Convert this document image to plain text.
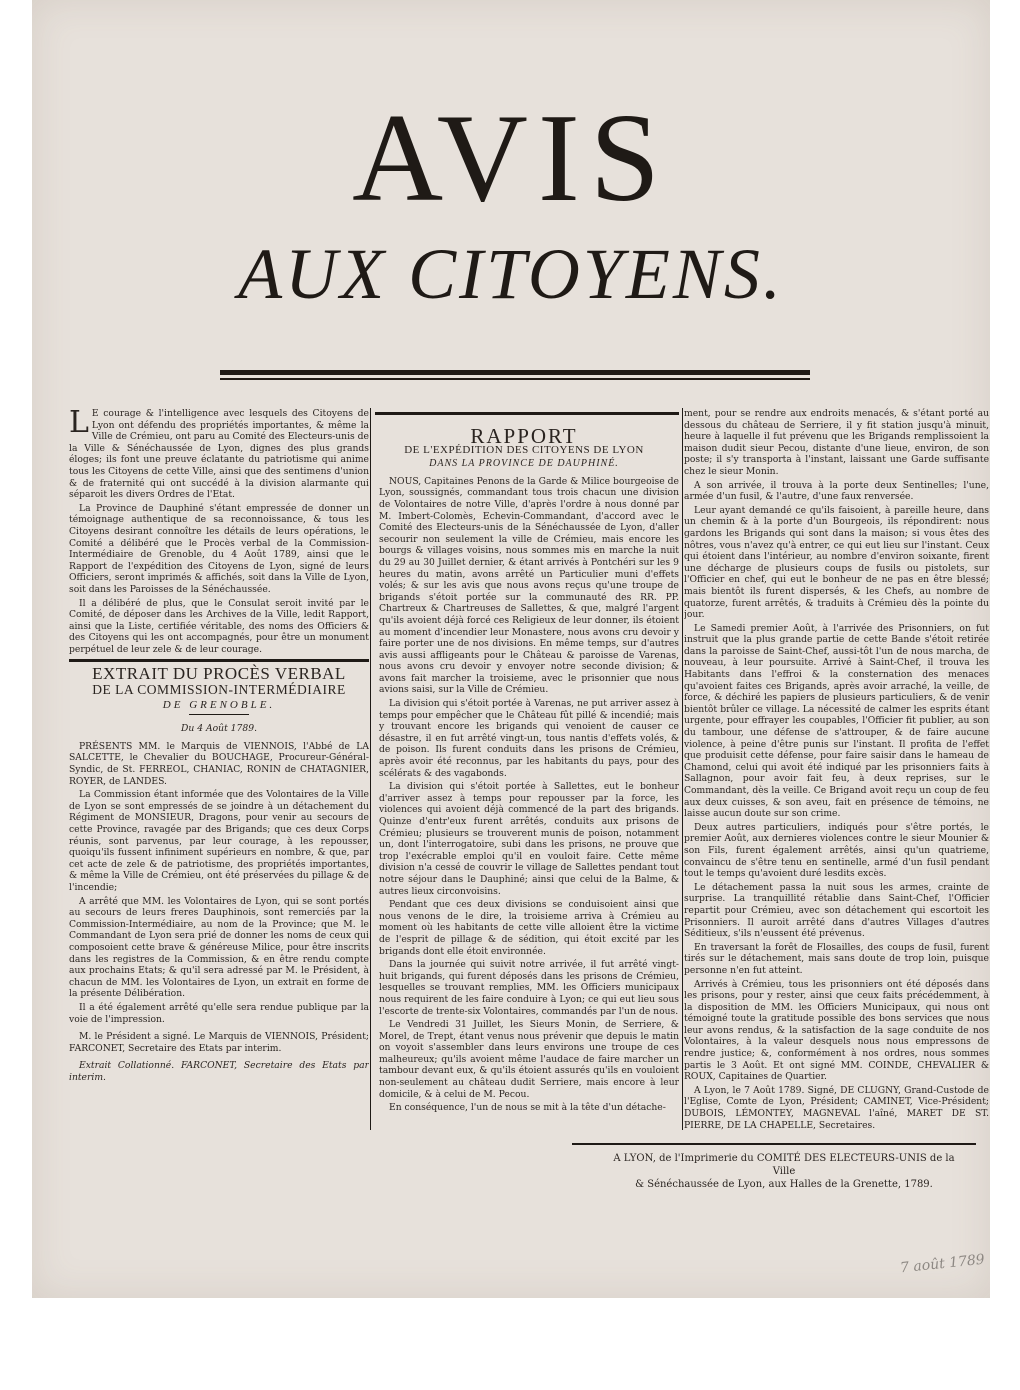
AVIS
AUX CITOYENS.

L E courage & l'intelligence avec lesquels des Citoyens de Lyon ont défendu des propriétés importantes, & même la Ville de Crémieu, ont paru au Comité des Electeurs-unis de la Ville & Sénéchaussée de Lyon, dignes des plus grands éloges; ils font une preuve éclatante du patriotisme qui anime tous les Citoyens de cette Ville, ainsi que des sentimens d'union & de fraternité qui ont succédé à la division alarmante qui séparoit les divers Ordres de l'Etat.

La Province de Dauphiné s'étant empressée de donner un témoignage authentique de sa reconnoissance, & tous les Citoyens desirant connoître les détails de leurs opérations, le Comité a délibéré que le Procès verbal de la Commission-Intermédiaire de Grenoble, du 4 Août 1789, ainsi que le Rapport de l'expédition des Citoyens de Lyon, signé de leurs Officiers, seront imprimés & affichés, soit dans la Ville de Lyon, soit dans les Paroisses de la Sénéchaussée.

Il a délibéré de plus, que le Consulat seroit invité par le Comité, de déposer dans les Archives de la Ville, ledit Rapport, ainsi que la Liste, certifiée véritable, des noms des Officiers & des Citoyens qui les ont accompagnés, pour être un monument perpétuel de leur zele & de leur courage.

EXTRAIT DU PROCÈS VERBAL
DE LA COMMISSION-INTERMÉDIAIRE
DE GRENOBLE.
Du 4 Août 1789.

PRÉSENTS MM. le Marquis de VIENNOIS, l'Abbé de LA SALCETTE, le Chevalier du BOUCHAGE, Procureur-Général-Syndic, de St. FERREOL, CHANIAC, RONIN de CHATAGNIER, ROYER, de LANDES.

La Commission étant informée que des Volontaires de la Ville de Lyon se sont empressés de se joindre à un détachement du Régiment de MONSIEUR, Dragons, pour venir au secours de cette Province, ravagée par des Brigands; que ces deux Corps réunis, sont parvenus, par leur courage, à les repousser, quoiqu'ils fussent infiniment supérieurs en nombre, & que, par cet acte de zele & de patriotisme, des propriétés importantes, & même la Ville de Crémieu, ont été préservées du pillage & de l'incendie;

A arrêté que MM. les Volontaires de Lyon, qui se sont portés au secours de leurs freres Dauphinois, sont remerciés par la Commission-Intermédiaire, au nom de la Province; que M. le Commandant de Lyon sera prié de donner les noms de ceux qui composoient cette brave & généreuse Milice, pour être inscrits dans les registres de la Commission, & en être rendu compte aux prochains Etats; & qu'il sera adressé par M. le Président, à chacun de MM. les Volontaires de Lyon, un extrait en forme de la présente Délibération.

Il a été également arrêté qu'elle sera rendue publique par la voie de l'impression.

M. le Président a signé. Le Marquis de VIENNOIS, Président; FARCONET, Secretaire des Etats par interim.

Extrait Collationné. FARCONET, Secretaire des Etats par interim.

RAPPORT
DE L'EXPÉDITION DES CITOYENS DE LYON
DANS LA PROVINCE DE DAUPHINÉ.

NOUS, Capitaines Penons de la Garde & Milice bourgeoise de Lyon, soussignés, commandant tous trois chacun une division de Volontaires de notre Ville, d'après l'ordre à nous donné par M. Imbert-Colomès, Echevin-Commandant, d'accord avec le Comité des Electeurs-unis de la Sénéchaussée de Lyon, d'aller secourir non seulement la ville de Crémieu, mais encore les bourgs & villages voisins, nous sommes mis en marche la nuit du 29 au 30 Juillet dernier, & étant arrivés à Pontchéri sur les 9 heures du matin, avons arrêté un Particulier muni d'effets volés; & sur les avis que nous avons reçus qu'une troupe de brigands s'étoit portée sur la communauté des RR. PP. Chartreux & Chartreuses de Sallettes, & que, malgré l'argent qu'ils avoient déjà forcé ces Religieux de leur donner, ils étoient au moment d'incendier leur Monastere, nous avons cru devoir y faire porter une de nos divisions. En même temps, sur d'autres avis aussi affligeants pour le Château & paroisse de Varenas, nous avons cru devoir y envoyer notre seconde division; & avons fait marcher la troisieme, avec le prisonnier que nous avions saisi, sur la Ville de Crémieu.

La division qui s'étoit portée à Varenas, ne put arriver assez à temps pour empêcher que le Château fût pillé & incendié; mais y trouvant encore les brigands qui venoient de causer ce désastre, il en fut arrêté vingt-un, tous nantis d'effets volés, & de poison. Ils furent conduits dans les prisons de Crémieu, après avoir été reconnus, par les habitants du pays, pour des scélérats & des vagabonds.

La division qui s'étoit portée à Sallettes, eut le bonheur d'arriver assez à temps pour repousser par la force, les violences qui avoient déjà commencé de la part des brigands. Quinze d'entr'eux furent arrêtés, conduits aux prisons de Crémieu; plusieurs se trouverent munis de poison, notamment un, dont l'interrogatoire, subi dans les prisons, ne prouve que trop l'exécrable emploi qu'il en vouloit faire. Cette même division n'a cessé de couvrir le village de Sallettes pendant tout notre séjour dans le Dauphiné; ainsi que celui de la Balme, & autres lieux circonvoisins.

Pendant que ces deux divisions se conduisoient ainsi que nous venons de le dire, la troisieme arriva à Crémieu au moment où les habitants de cette ville alloient être la victime de l'esprit de pillage & de sédition, qui étoit excité par les brigands dont elle étoit environnée.

Dans la journée qui suivit notre arrivée, il fut arrêté vingt-huit brigands, qui furent déposés dans les prisons de Crémieu, lesquelles se trouvant remplies, MM. les Officiers municipaux nous requirent de les faire conduire à Lyon; ce qui eut lieu sous l'escorte de trente-six Volontaires, commandés par l'un de nous.

Le Vendredi 31 Juillet, les Sieurs Monin, de Serriere, & Morel, de Trept, étant venus nous prévenir que depuis le matin on voyoit s'assembler dans leurs environs une troupe de ces malheureux; qu'ils avoient même l'audace de faire marcher un tambour devant eux, & qu'ils étoient assurés qu'ils en vouloient non-seulement au château dudit Serriere, mais encore à leur domicile, & à celui de M. Pecou.

En conséquence, l'un de nous se mit à la tête d'un détache-

ment, pour se rendre aux endroits menacés, & s'étant porté au dessous du château de Serriere, il y fit station jusqu'à minuit, heure à laquelle il fut prévenu que les Brigands remplissoient la maison dudit sieur Pecou, distante d'une lieue, environ, de son poste; il s'y transporta à l'instant, laissant une Garde suffisante chez le sieur Monin.

A son arrivée, il trouva à la porte deux Sentinelles; l'une, armée d'un fusil, & l'autre, d'une faux renversée.

Leur ayant demandé ce qu'ils faisoient, à pareille heure, dans un chemin & à la porte d'un Bourgeois, ils répondirent: nous gardons les Brigands qui sont dans la maison; si vous êtes des nôtres, vous n'avez qu'à entrer, ce qui eut lieu sur l'instant. Ceux qui étoient dans l'intérieur, au nombre d'environ soixante, firent une décharge de plusieurs coups de fusils ou pistolets, sur l'Officier en chef, qui eut le bonheur de ne pas en être blessé; mais bientôt ils furent dispersés, & les Chefs, au nombre de quatorze, furent arrêtés, & traduits à Crémieu dès la pointe du jour.

Le Samedi premier Août, à l'arrivée des Prisonniers, on fut instruit que la plus grande partie de cette Bande s'étoit retirée dans la paroisse de Saint-Chef, aussi-tôt l'un de nous marcha, de nouveau, à leur poursuite. Arrivé à Saint-Chef, il trouva les Habitants dans l'effroi & la consternation des menaces qu'avoient faites ces Brigands, après avoir arraché, la veille, de force, & déchiré les papiers de plusieurs particuliers, & de venir bientôt brûler ce village. La nécessité de calmer les esprits étant urgente, pour effrayer les coupables, l'Officier fit publier, au son du tambour, une défense de s'attrouper, & de faire aucune violence, à peine d'être punis sur l'instant. Il profita de l'effet que produisit cette défense, pour faire saisir dans le hameau de Chamond, celui qui avoit été indiqué par les prisonniers faits à Sallagnon, pour avoir fait feu, à deux reprises, sur le Commandant, dès la veille. Ce Brigand avoit reçu un coup de feu aux deux cuisses, & son aveu, fait en présence de témoins, ne laisse aucun doute sur son crime.

Deux autres particuliers, indiqués pour s'être portés, le premier Août, aux dernieres violences contre le sieur Mounier & son Fils, furent également arrêtés, ainsi qu'un quatrieme, convaincu de s'être tenu en sentinelle, armé d'un fusil pendant tout le temps qu'avoient duré lesdits excès.

Le détachement passa la nuit sous les armes, crainte de surprise. La tranquillité rétablie dans Saint-Chef, l'Officier repartit pour Crémieu, avec son détachement qui escortoit les Prisonniers. Il auroit arrêté dans d'autres Villages d'autres Séditieux, s'ils n'eussent été prévenus.

En traversant la forêt de Flosailles, des coups de fusil, furent tirés sur le détachement, mais sans doute de trop loin, puisque personne n'en fut atteint.

Arrivés à Crémieu, tous les prisonniers ont été déposés dans les prisons, pour y rester, ainsi que ceux faits précédemment, à la disposition de MM. les Officiers Municipaux, qui nous ont témoigné toute la gratitude possible des bons services que nous leur avons rendus, & la satisfaction de la sage conduite de nos Volontaires, à la valeur desquels nous nous empressons de rendre justice; &, conformément à nos ordres, nous sommes partis le 3 Août. Et ont signé MM. COINDE, CHEVALIER & ROUX, Capitaines de Quartier.

A Lyon, le 7 Août 1789. Signé, DE CLUGNY, Grand-Custode de l'Eglise, Comte de Lyon, Président; CAMINET, Vice-Président; DUBOIS, LÉMONTEY, MAGNEVAL l'aîné, MARET DE ST. PIERRE, DE LA CHAPELLE, Secretaires.

A LYON, de l'Imprimerie du COMITÉ DES ELECTEURS-UNIS de la Ville
& Sénéchaussée de Lyon, aux Halles de la Grenette, 1789.
7 août 1789
